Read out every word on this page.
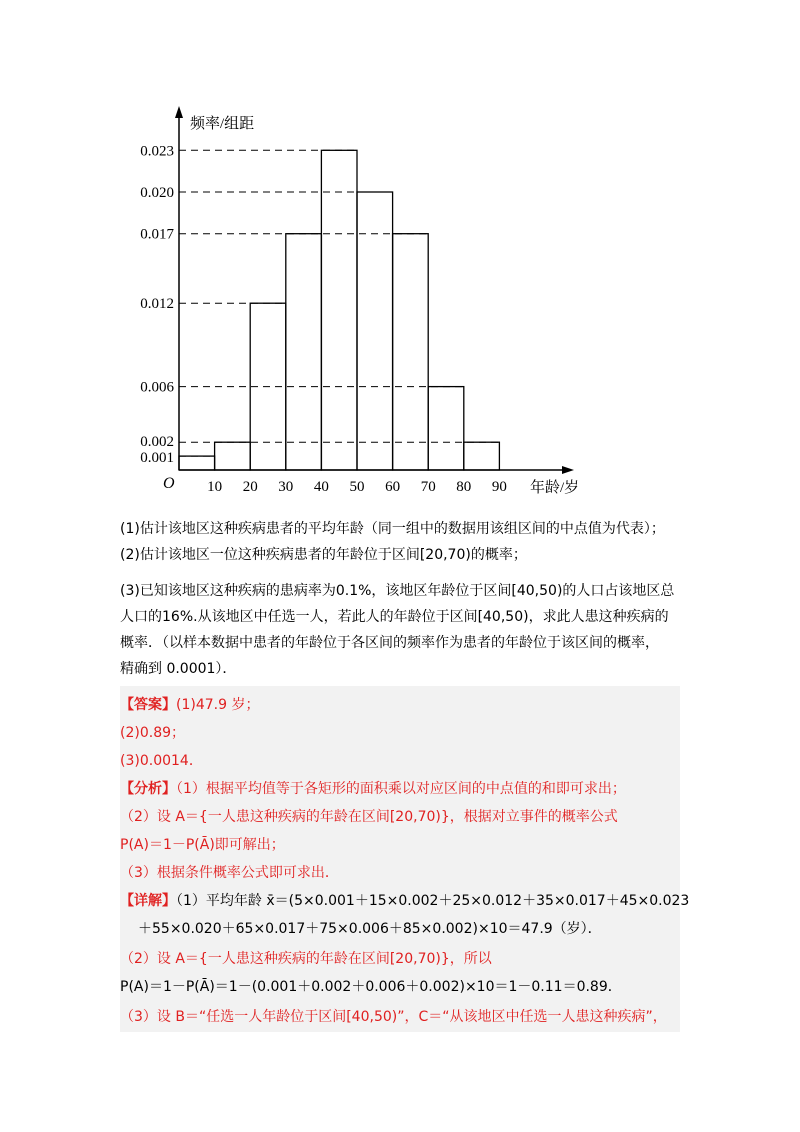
频率/组距
年龄/岁
O 10 20 30 40 50 60 70 80 90
0.001
0.002
0.006
0.012
0.017
0.020
0.023
(1)估计该地区这种疾病患者的平均年龄（同一组中的数据用该组区间的中点值为代表）；
(2)估计该地区一位这种疾病患者的年龄位于区间[20,70)的概率；
(3)已知该地区这种疾病的患病率为0.1%，该地区年龄位于区间[40,50)的人口占该地区总
人口的16%.从该地区中任选一人，若此人的年龄位于区间[40,50)，求此人患这种疾病的
概率．（以样本数据中患者的年龄位于各区间的频率作为患者的年龄位于该区间的概率，
精确到 0.0001）．
【答案】(1)47.9 岁；
(2)0.89；
(3)0.0014．
【分析】（1）根据平均值等于各矩形的面积乘以对应区间的中点值的和即可求出；
（2）设 A＝{一人患这种疾病的年龄在区间[20,70)}，根据对立事件的概率公式
P(A)＝1－P(Ā)即可解出；
（3）根据条件概率公式即可求出．
【详解】（1）平均年龄 x̄＝(5×0.001＋15×0.002＋25×0.012＋35×0.017＋45×0.023
＋55×0.020＋65×0.017＋75×0.006＋85×0.002)×10＝47.9（岁）．
（2）设 A＝{一人患这种疾病的年龄在区间[20,70)}，所以
P(A)＝1－P(Ā)＝1－(0.001＋0.002＋0.006＋0.002)×10＝1－0.11＝0.89．
（3）设 B＝“任选一人年龄位于区间[40,50)”，C＝“从该地区中任选一人患这种疾病”，
